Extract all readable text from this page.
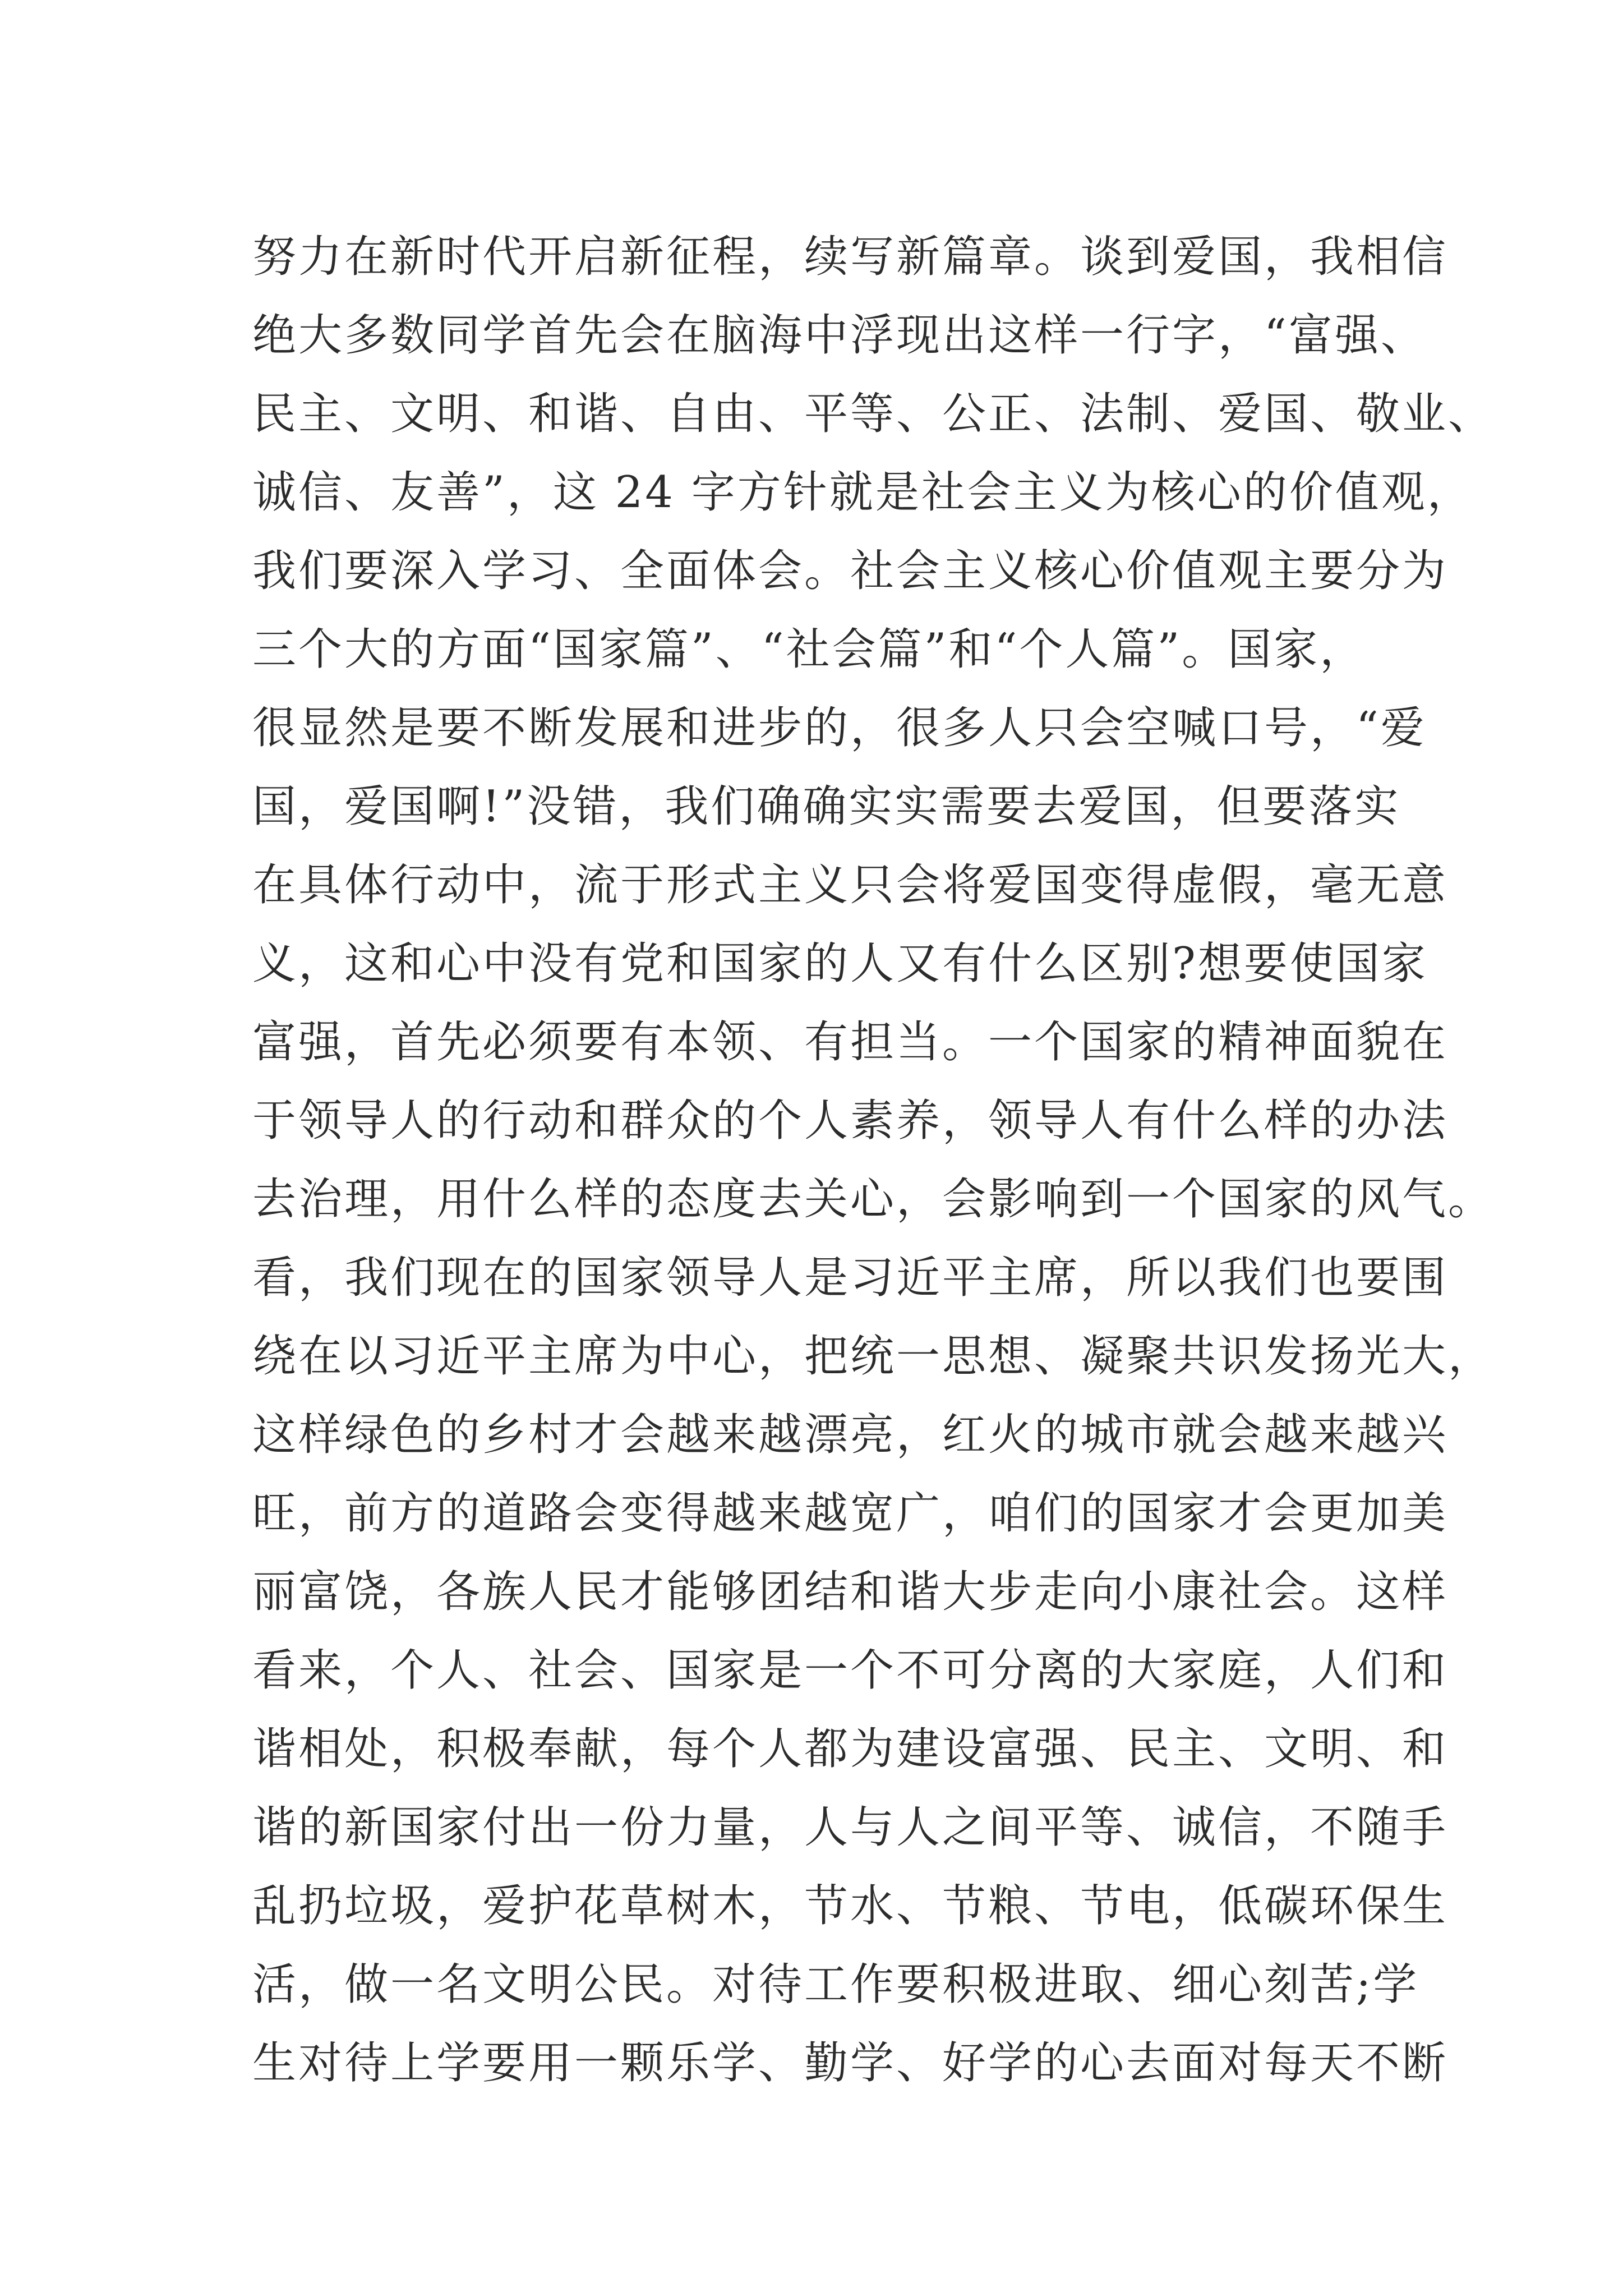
努力在新时代开启新征程，续写新篇章。谈到爱国，我相信
绝大多数同学首先会在脑海中浮现出这样一行字，“富强、
民主、文明、和谐、自由、平等、公正、法制、爱国、敬业、
诚信、友善”，这 24 字方针就是社会主义为核心的价值观，
我们要深入学习、全面体会。社会主义核心价值观主要分为
三个大的方面“国家篇”、“社会篇”和“个人篇”。国家，
很显然是要不断发展和进步的，很多人只会空喊口号，“爱
国，爱国啊!”没错，我们确确实实需要去爱国，但要落实
在具体行动中，流于形式主义只会将爱国变得虚假，毫无意
义，这和心中没有党和国家的人又有什么区别?想要使国家
富强，首先必须要有本领、有担当。一个国家的精神面貌在
于领导人的行动和群众的个人素养，领导人有什么样的办法
去治理，用什么样的态度去关心，会影响到一个国家的风气。
看，我们现在的国家领导人是习近平主席，所以我们也要围
绕在以习近平主席为中心，把统一思想、凝聚共识发扬光大，
这样绿色的乡村才会越来越漂亮，红火的城市就会越来越兴
旺，前方的道路会变得越来越宽广，咱们的国家才会更加美
丽富饶，各族人民才能够团结和谐大步走向小康社会。这样
看来，个人、社会、国家是一个不可分离的大家庭，人们和
谐相处，积极奉献，每个人都为建设富强、民主、文明、和
谐的新国家付出一份力量，人与人之间平等、诚信，不随手
乱扔垃圾，爱护花草树木，节水、节粮、节电，低碳环保生
活，做一名文明公民。对待工作要积极进取、细心刻苦;学
生对待上学要用一颗乐学、勤学、好学的心去面对每天不断
